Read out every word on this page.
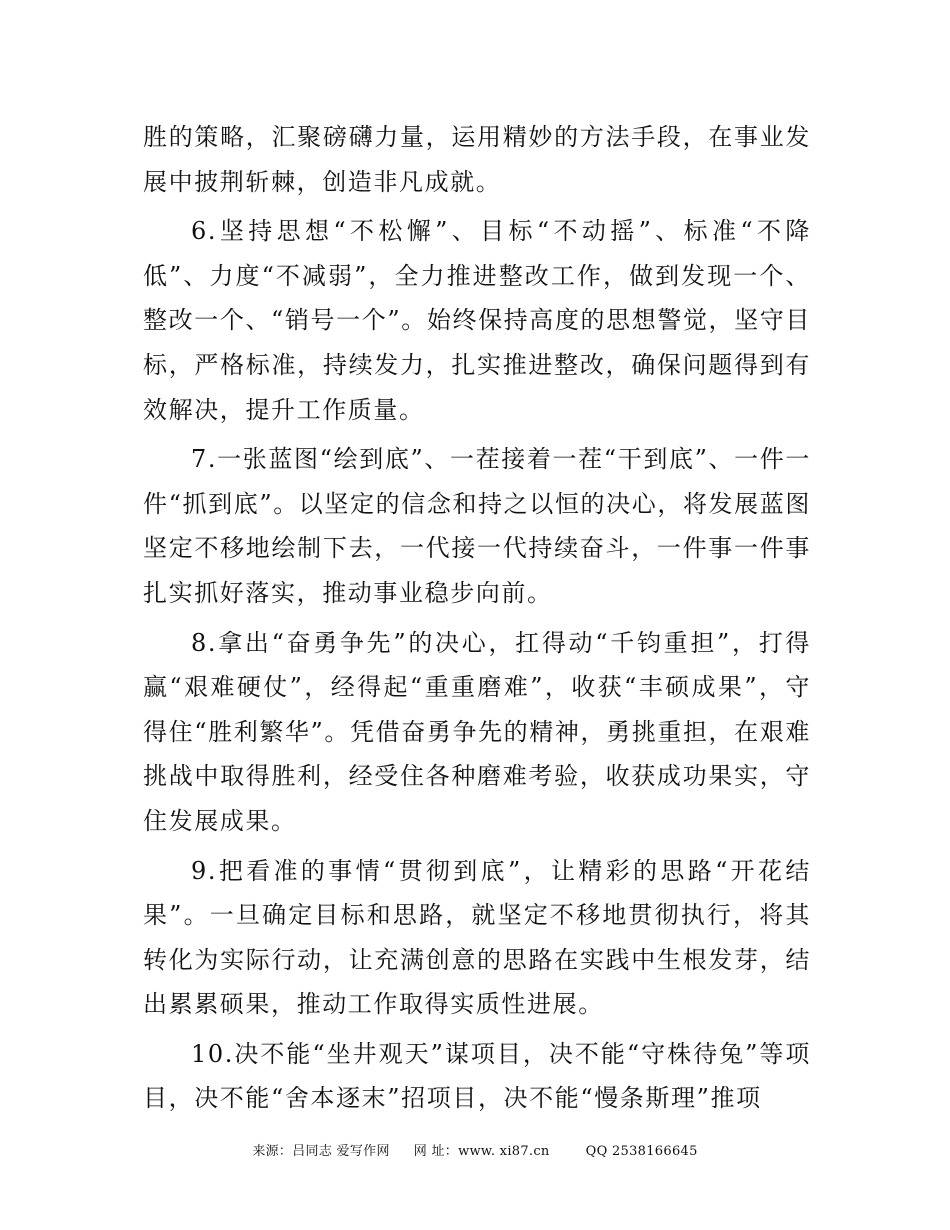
胜的策略，汇聚磅礴力量，运用精妙的方法手段，在事业发展中披荆斩棘，创造非凡成就。

6.坚持思想“不松懈”、目标“不动摇”、标准“不降低”、力度“不减弱”，全力推进整改工作，做到发现一个、整改一个、“销号一个”。始终保持高度的思想警觉，坚守目标，严格标准，持续发力，扎实推进整改，确保问题得到有效解决，提升工作质量。

7.一张蓝图“绘到底”、一茬接着一茬“干到底”、一件一件“抓到底”。以坚定的信念和持之以恒的决心，将发展蓝图坚定不移地绘制下去，一代接一代持续奋斗，一件事一件事扎实抓好落实，推动事业稳步向前。

8.拿出“奋勇争先”的决心，扛得动“千钧重担”，打得赢“艰难硬仗”，经得起“重重磨难”，收获“丰硕成果”，守得住“胜利繁华”。凭借奋勇争先的精神，勇挑重担，在艰难挑战中取得胜利，经受住各种磨难考验，收获成功果实，守住发展成果。

9.把看准的事情“贯彻到底”，让精彩的思路“开花结果”。一旦确定目标和思路，就坚定不移地贯彻执行，将其转化为实际行动，让充满创意的思路在实践中生根发芽，结出累累硕果，推动工作取得实质性进展。

10.决不能“坐井观天”谋项目，决不能“守株待兔”等项目，决不能“舍本逐末”招项目，决不能“慢条斯理”推项

来源：吕同志 爱写作网 网 址：www. xi87.cn	QQ 2538166645
